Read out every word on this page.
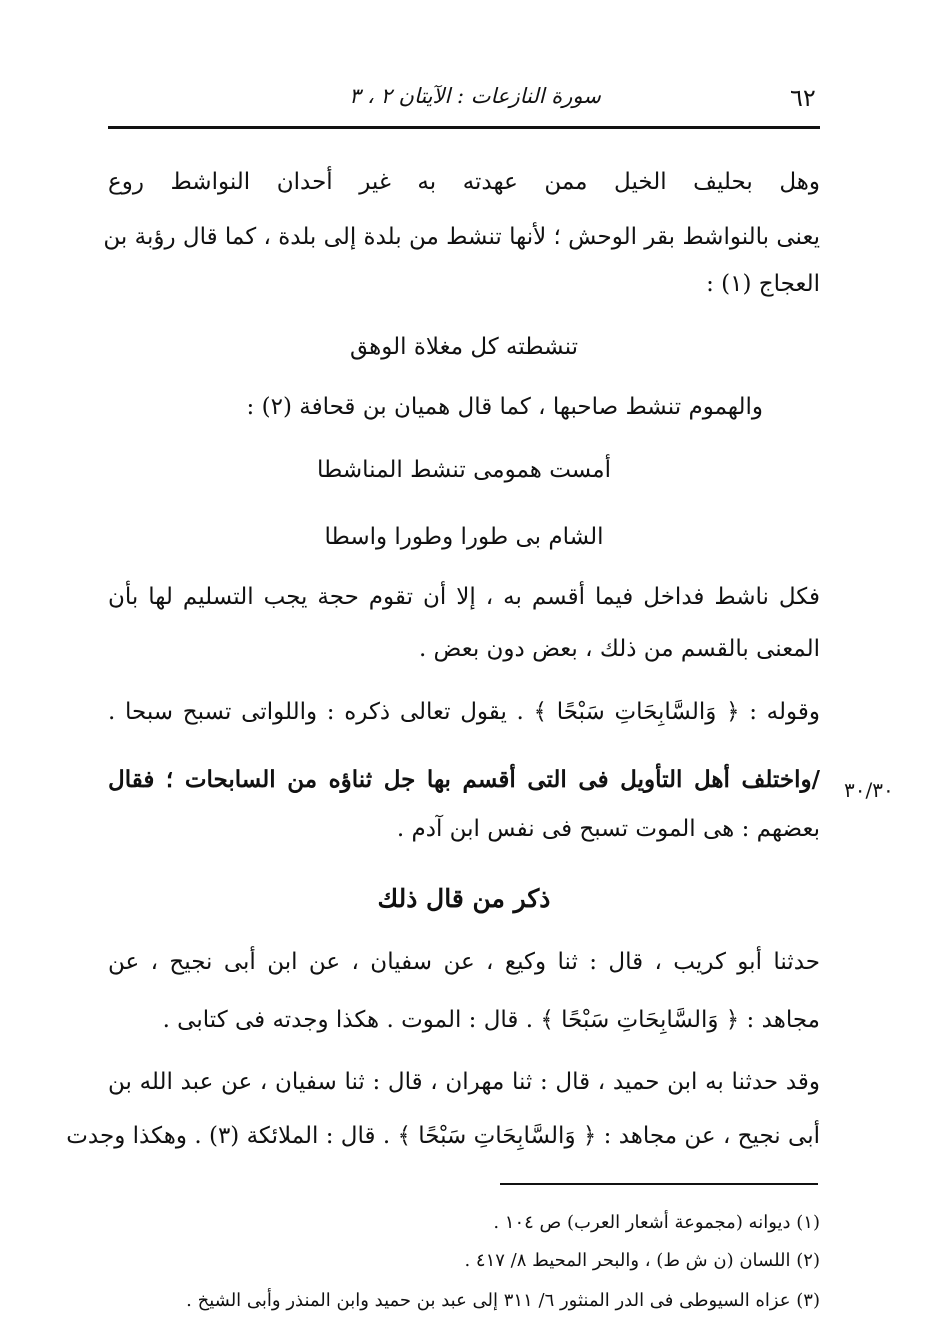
٦٢
سورة النازعات : الآيتان ٢ ، ٣
وهل بحليف الخيل ممن عهدته به غير أحدان النواشط روع
يعنى بالنواشط بقر الوحش ؛ لأنها تنشط من بلدة إلى بلدة ، كما قال رؤبة بن
العجاج (١) :
تنشطته كل مغلاة الوهق
والهموم تنشط صاحبها ، كما قال هميان بن قحافة (٢) :
أمست همومى تنشط المناشطا
الشام بى طورا وطورا واسطا
فكل ناشط فداخل فيما أقسم به ، إلا أن تقوم حجة يجب التسليم لها بأن
المعنى بالقسم من ذلك ، بعض دون بعض .
وقوله : ﴿ وَالسَّابِحَاتِ سَبْحًا ﴾ . يقول تعالى ذكره : واللواتى تسبح سبحا .
٣٠/٣٠
/واختلف أهل التأويل فى التى أقسم بها جل ثناؤه من السابحات ؛ فقال
بعضهم : هى الموت تسبح فى نفس ابن آدم .
ذكر من قال ذلك
حدثنا أبو كريب ، قال : ثنا وكيع ، عن سفيان ، عن ابن أبى نجيح ، عن
مجاهد : ﴿ وَالسَّابِحَاتِ سَبْحًا ﴾ . قال : الموت . هكذا وجدته فى كتابى .
وقد حدثنا به ابن حميد ، قال : ثنا مهران ، قال : ثنا سفيان ، عن عبد الله بن
أبى نجيح ، عن مجاهد : ﴿ وَالسَّابِحَاتِ سَبْحًا ﴾ . قال : الملائكة (٣) . وهكذا وجدت
(١) ديوانه (مجموعة أشعار العرب) ص ١٠٤ .
(٢) اللسان (ن ش ط) ، والبحر المحيط ٨/ ٤١٧ .
(٣) عزاه السيوطى فى الدر المنثور ٦/ ٣١١ إلى عبد بن حميد وابن المنذر وأبى الشيخ .
